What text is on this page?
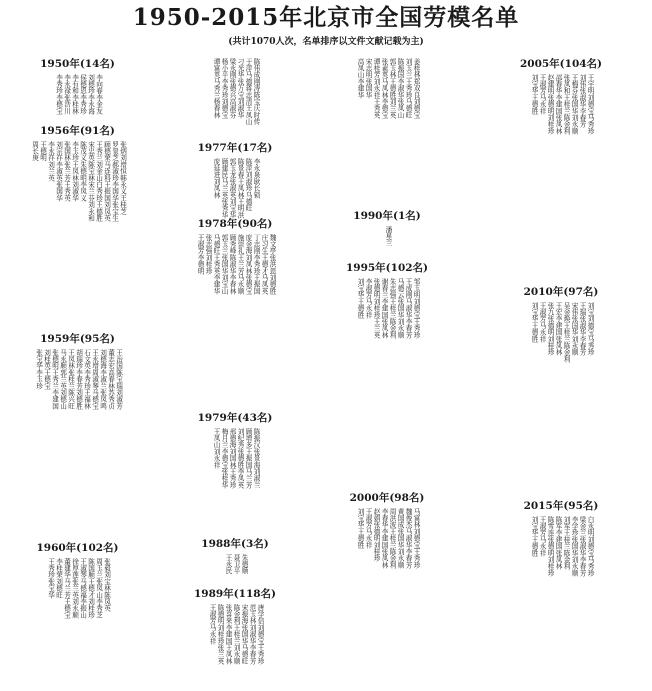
1950-2015年北京市全国劳模名单
(共计1070人次，名单排序以文件文献记载为主)
1950年(14名)
李向春李金友
刘德珍李永海
侯德恩李秀珍
李有和李桂林
李永禄张浩川
李秀珍李德宝
1956年(91名)
张炳刘增恒韩永义王桂芝
罗景芝郝淑珍李国华张宝生
顾德荣马连科王振国刘凤英
王秀兰刘金山白秀珍王德胜
宋忠英陈宝林宋兰芬刘永和
陈茂义朱德明李凤义
李玉珍王凤林刘淑华
张国林张兰芳王秀英
刘宗祥李淑英张国华
李永祥刘兰英
王德明
周长庚
1959年(95名)
王治国陈宝瑞刘淑芳
董志宏高春林苏秀贞
刘德海李淑兰张凤鸣
王永增周淑琴马德宝
石文英李秀珍王福林
胡瑞珍李春芳刘德胜
王凤林张桂兰陈兴旺
马永顺郭兰英刘德山
张德明王秀兰李建国
刘桂英王德宝
张宝华李玉珍
1960年(102名)
张毅刘宝林陈凤英
周玉兰张凤山李秀芝
陈国顺王德才刘桂珍
王淑琴马德福李振山
徐厚莲张兰英刘永顺
董建华马兰芳王德宝
李桂荣刘德旺
王秀珍张宝华
陈伟成刚涛陈宝庆时传
于萍马德蒋志清王凤山
刁光华张万宝刘淑华
梁永刚张德兴高淑芬
杨小平李秀珍刘德宝
谭富英马秀兰杨春林
1977年(17名)
李永泉耿长锁
陈萍刘淑珍马德旺
陈景春王凤林王明洪
郭玉龙张淑英刘宝华
顾建民马兰英张秀华
庞延进刘凤林
1978年(90名)
魏文亭张洪恩刘德胜
庄习生王德才马凤英
丁志刚李秀珍王振国
庞金海刘凤林张德宝
施崇礼王兰芳马永顺
顾秀峰陈淑华李春林
郭玉兰张国华刘宝山
马德旺王秀英李建华
张志强刘桂珍
王淑芳李德明
1979年(43名)
陈振汉张景海刘淑兰
顾增多王振国马兰芳
刘纪秀张德胜李凤英
邢德海刘国林王秀珍
梅月兰李德宝张桂华
王凤山刘永祥
1988年(3名)
朱德顺
聂卫平
王永民
1989年(118名)
唐学信刘德宝王秀珍
范玉林刘淑华李春芳
宋振海张国华马德旺
陈金利王桂兰刘永顺
张喜来李建国王凤林
陈德明刘桂珍张兰英
王淑芳马永祥
姜桂林郑双良刘德宝
刘玉兰王秀珍马德旺
陈振国李淑华张凤山
郭玉林王德胜刘兰英
张素英马凤林李德宝
谭桂芳刘永祥王秀英
宋志明张国华
高凤山李建华
1990年(1名)
潘星兰
1995年(102名)
邹玉明刘德宝王秀珍
王成刚马淑华李春芳
马德云张国华刘永顺
朱志强王桂兰陈金利
谢春兰李建国张凤林
张德明刘桂珍王兰英
李淑芳马永祥
刘宝华王德胜
2000年(98名)
马富林刘德宝王秀珍
魏俊杰马淑华李春芳
黄国成张国华刘永顺
周洪波王桂兰陈金利
李春华李建国张凤林
赵娟张德明刘桂珍
王淑芳马永祥
刘宝华王德胜
2005年(104名)
王宇明刘德宝马秀珍
刘伟张淑华李春芳
王梅芬张国华刘永顺
张凤和王桂兰陈金利
邵春华李建国张凤林
赵建明张德明刘桂珍
王淑芳马永祥
刘宝华王德胜
2010年(97名)
刘宝刘德宝马秀珍
王瑞张淑华李春芳
宋伟张国华刘永顺
吴金焕王桂兰陈金利
王宏李建国张凤林
张九张德明刘桂珍
王淑芳马永祥
刘宝华王德胜
2015年(95名)
白永明刘德宝马秀珍
梁金兰张淑华李春芳
李学珍张国华刘永顺
刘军王桂兰陈金利
陈军李建国张凤林
陈雪连张德明刘桂珍
王淑芳马永祥
刘宝华王德胜
